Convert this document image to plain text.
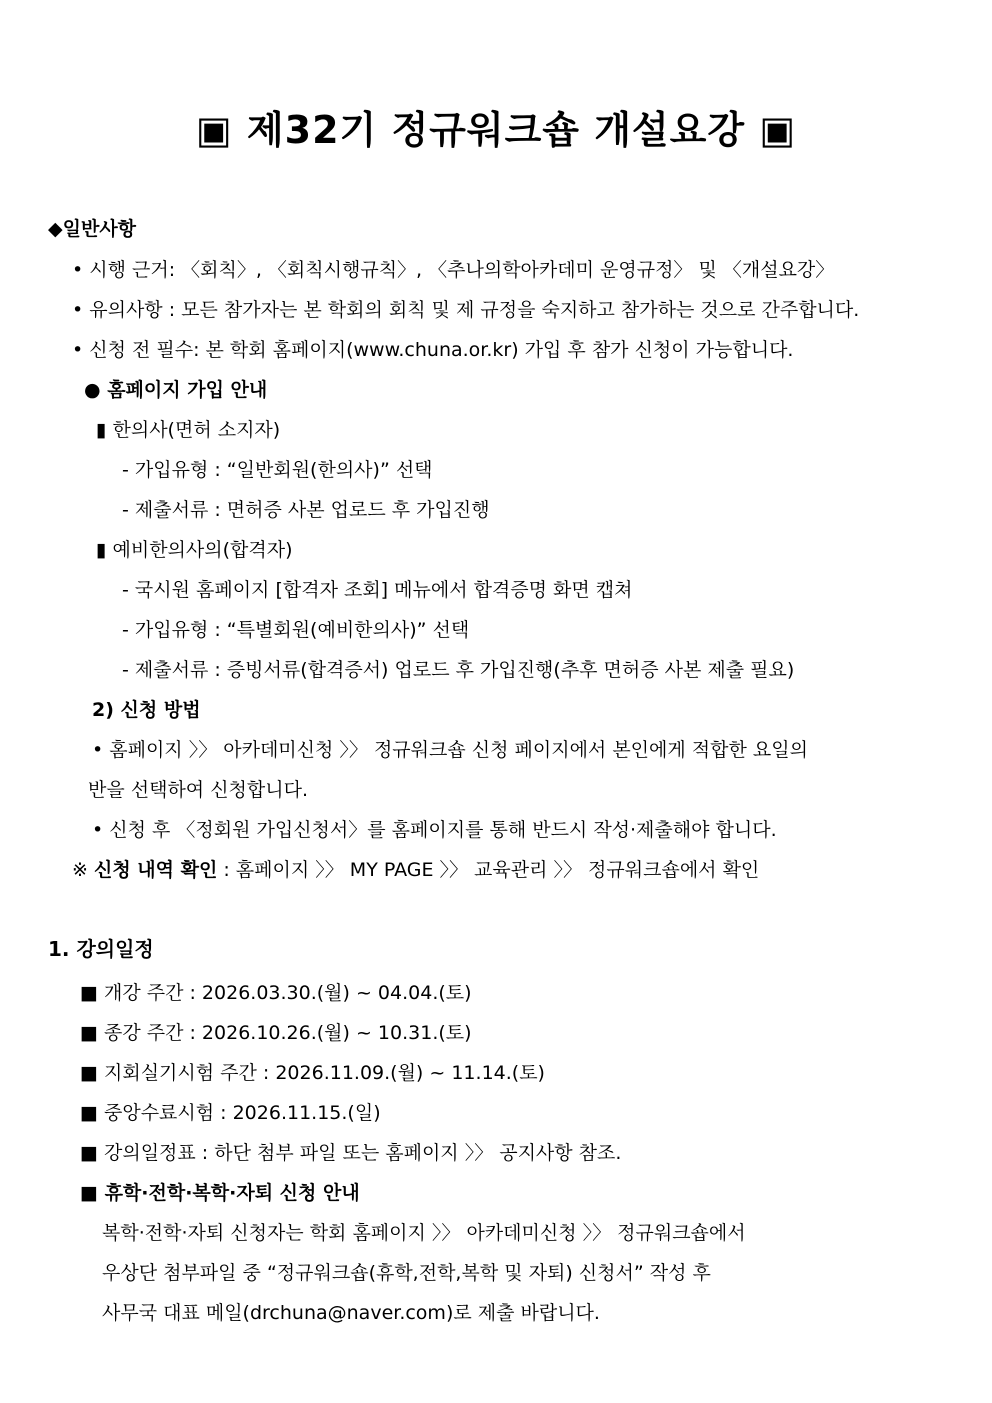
▣ 제32기 정규워크숍 개설요강 ▣
◆일반사항
• 시행 근거: 〈회칙〉, 〈회칙시행규칙〉, 〈추나의학아카데미 운영규정〉 및 〈개설요강〉
• 유의사항 : 모든 참가자는 본 학회의 회칙 및 제 규정을 숙지하고 참가하는 것으로 간주합니다.
• 신청 전 필수: 본 학회 홈페이지(www.chuna.or.kr) 가입 후 참가 신청이 가능합니다.
● 홈페이지 가입 안내
▮ 한의사(면허 소지자)
- 가입유형 : “일반회원(한의사)” 선택
- 제출서류 : 면허증 사본 업로드 후 가입진행
▮ 예비한의사의(합격자)
- 국시원 홈페이지 [합격자 조회] 메뉴에서 합격증명 화면 캡쳐
- 가입유형 : “특별회원(예비한의사)” 선택
- 제출서류 : 증빙서류(합격증서) 업로드 후 가입진행(추후 면허증 사본 제출 필요)
2) 신청 방법
• 홈페이지 〉〉 아카데미신청 〉〉 정규워크숍 신청 페이지에서 본인에게 적합한 요일의
반을 선택하여 신청합니다.
• 신청 후 〈정회원 가입신청서〉를 홈페이지를 통해 반드시 작성·제출해야 합니다.
※ 신청 내역 확인 : 홈페이지 〉〉 MY PAGE 〉〉 교육관리 〉〉 정규워크숍에서 확인
1. 강의일정
■ 개강 주간 : 2026.03.30.(월) ~ 04.04.(토)
■ 종강 주간 : 2026.10.26.(월) ~ 10.31.(토)
■ 지회실기시험 주간 : 2026.11.09.(월) ~ 11.14.(토)
■ 중앙수료시험 : 2026.11.15.(일)
■ 강의일정표 : 하단 첨부 파일 또는 홈페이지 〉〉 공지사항 참조.
■ 휴학·전학·복학·자퇴 신청 안내
복학·전학·자퇴 신청자는 학회 홈페이지 〉〉 아카데미신청 〉〉 정규워크숍에서
우상단 첨부파일 중 “정규워크숍(휴학,전학,복학 및 자퇴) 신청서” 작성 후
사무국 대표 메일(drchuna@naver.com)로 제출 바랍니다.
